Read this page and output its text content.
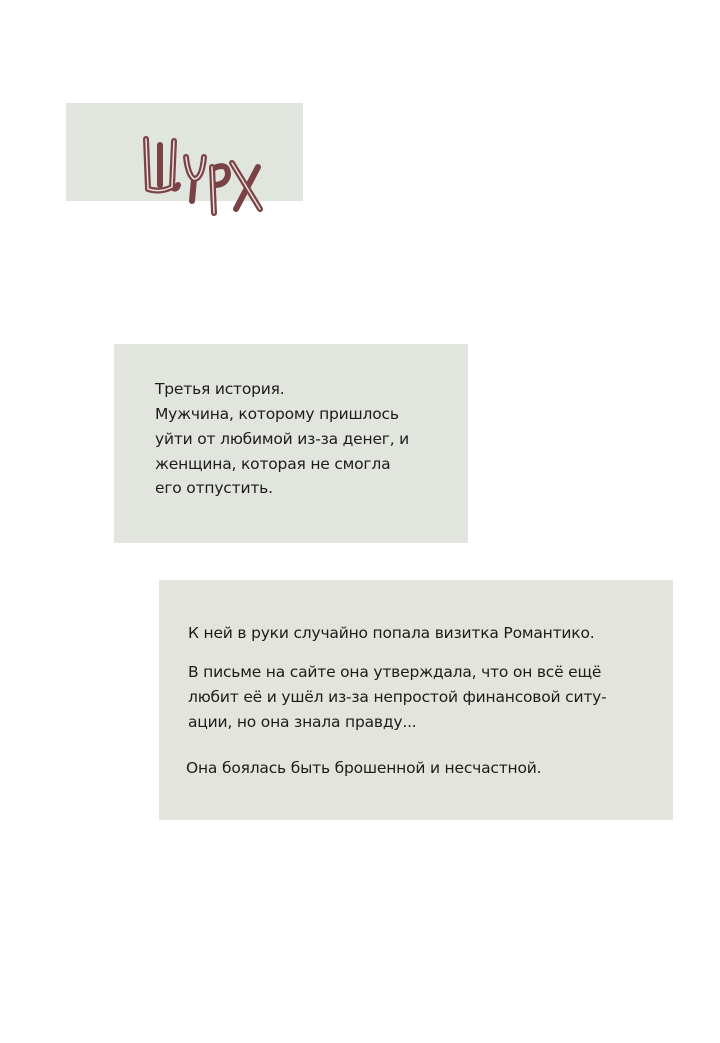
Третья история.
Мужчина, которому пришлось
уйти от любимой из-за денег, и
женщина, которая не смогла
его отпустить.
К ней в руки случайно попала визитка Романтико.
В письме на сайте она утверждала, что он всё ещё
любит её и ушёл из-за непростой финансовой ситу-
ации, но она знала правду...
Она боялась быть брошенной и несчастной.
